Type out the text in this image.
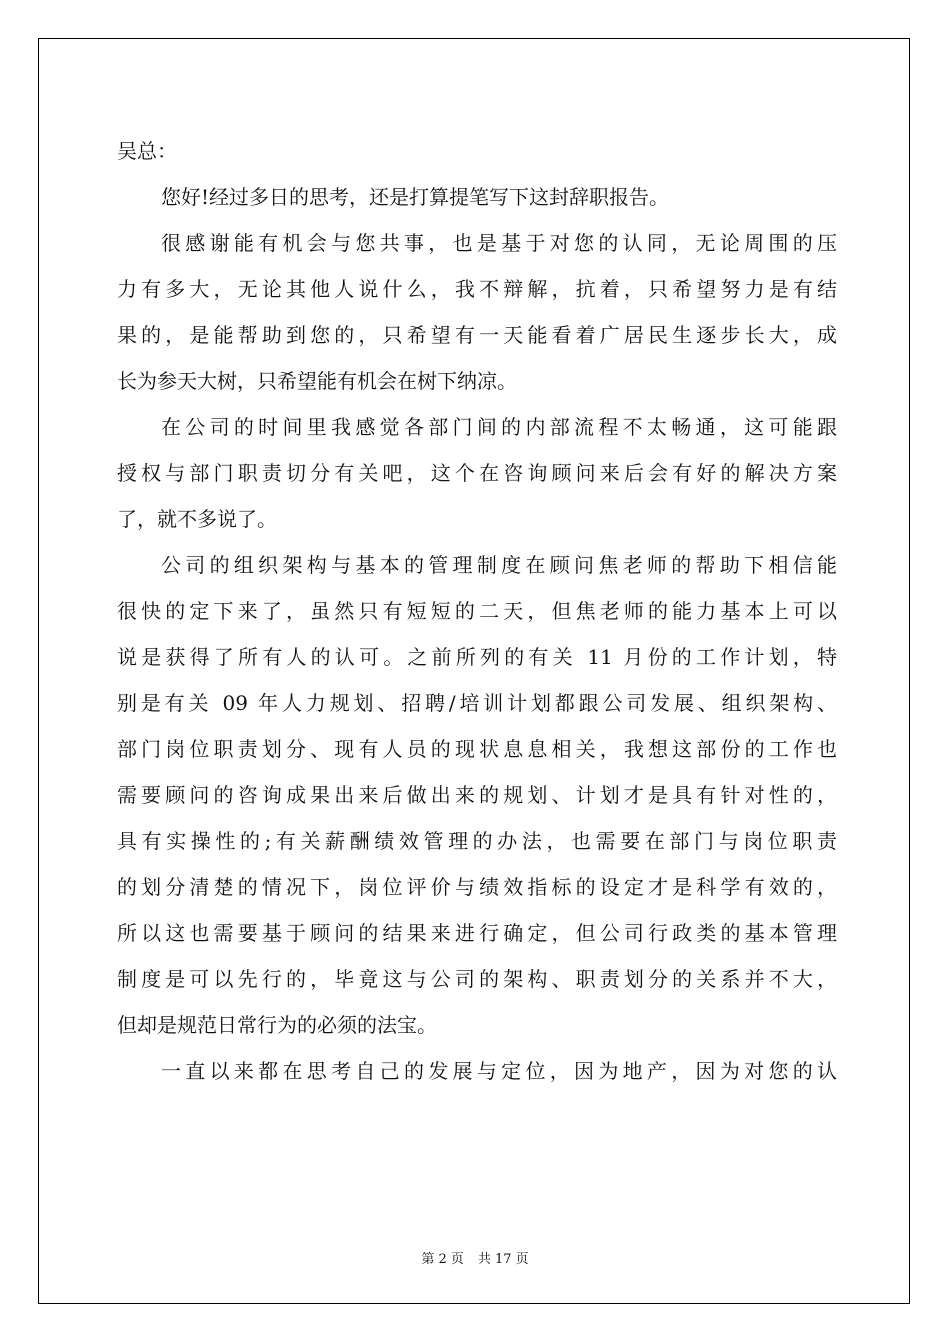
吴总：
您好!经过多日的思考，还是打算提笔写下这封辞职报告。
很感谢能有机会与您共事，也是基于对您的认同，无论周围的压
力有多大，无论其他人说什么，我不辩解，抗着，只希望努力是有结
果的，是能帮助到您的，只希望有一天能看着广居民生逐步长大，成
长为参天大树，只希望能有机会在树下纳凉。
在公司的时间里我感觉各部门间的内部流程不太畅通，这可能跟
授权与部门职责切分有关吧，这个在咨询顾问来后会有好的解决方案
了，就不多说了。
公司的组织架构与基本的管理制度在顾问焦老师的帮助下相信能
很快的定下来了，虽然只有短短的二天，但焦老师的能力基本上可以
说是获得了所有人的认可。之前所列的有关 11 月份的工作计划，特
别是有关 09 年人力规划、招聘/培训计划都跟公司发展、组织架构、
部门岗位职责划分、现有人员的现状息息相关，我想这部份的工作也
需要顾问的咨询成果出来后做出来的规划、计划才是具有针对性的，
具有实操性的;有关薪酬绩效管理的办法，也需要在部门与岗位职责
的划分清楚的情况下，岗位评价与绩效指标的设定才是科学有效的，
所以这也需要基于顾问的结果来进行确定，但公司行政类的基本管理
制度是可以先行的，毕竟这与公司的架构、职责划分的关系并不大，
但却是规范日常行为的必须的法宝。
一直以来都在思考自己的发展与定位，因为地产，因为对您的认
第 2 页 共 17 页
